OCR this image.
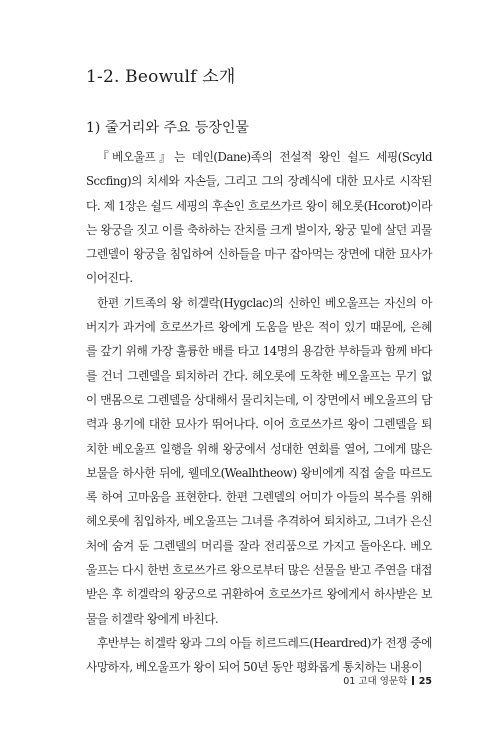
1-2. Beowulf 소개
1) 줄거리와 주요 등장인물

『베오울프』는 데인(Dane)족의 전설적 왕인 쉴드 세핑(Scyld Sccfing)의 치세와 자손들, 그리고 그의 장례식에 대한 묘사로 시작된다. 제 1장은 쉴드 세핑의 후손인 흐로쓰가르 왕이 헤오롯(Hcorot)이라는 왕궁을 짓고 이를 축하하는 잔치를 크게 벌이자, 왕궁 밑에 살던 괴물 그렌델이 왕궁을 침입하여 신하들을 마구 잡아먹는 장면에 대한 묘사가 이어진다.

한편 기트족의 왕 히겔락(Hygclac)의 신하인 베오울프는 자신의 아버지가 과거에 흐로쓰가르 왕에게 도움을 받은 적이 있기 때문에, 은혜를 갚기 위해 가장 훌륭한 배를 타고 14명의 용감한 부하들과 함께 바다를 건너 그렌델을 퇴치하러 간다. 헤오롯에 도착한 베오울프는 무기 없이 맨몸으로 그렌델을 상대해서 물리치는데, 이 장면에서 베오울프의 담력과 용기에 대한 묘사가 뛰어나다. 이어 흐로쓰가르 왕이 그렌델을 퇴치한 베오울프 일행을 위해 왕궁에서 성대한 연회를 열어, 그에게 많은 보물을 하사한 뒤에, 웰데오(Wealhtheow) 왕비에게 직접 술을 따르도록 하여 고마움을 표현한다. 한편 그렌델의 어미가 아들의 복수를 위해 헤오롯에 침입하자, 베오울프는 그녀를 추격하여 퇴치하고, 그녀가 은신처에 숨겨 둔 그렌델의 머리를 잘라 전리품으로 가지고 돌아온다. 베오울프는 다시 한번 흐로쓰가르 왕으로부터 많은 선물을 받고 주연을 대접받은 후 히겔락의 왕궁으로 귀환하여 흐로쓰가르 왕에게서 하사받은 보물을 히겔락 왕에게 바친다.

후반부는 히겔락 왕과 그의 아들 히르드레드(Heardred)가 전쟁 중에 사망하자, 베오울프가 왕이 되어 50년 동안 평화롭게 통치하는 내용이

01 고대 영문학 25
